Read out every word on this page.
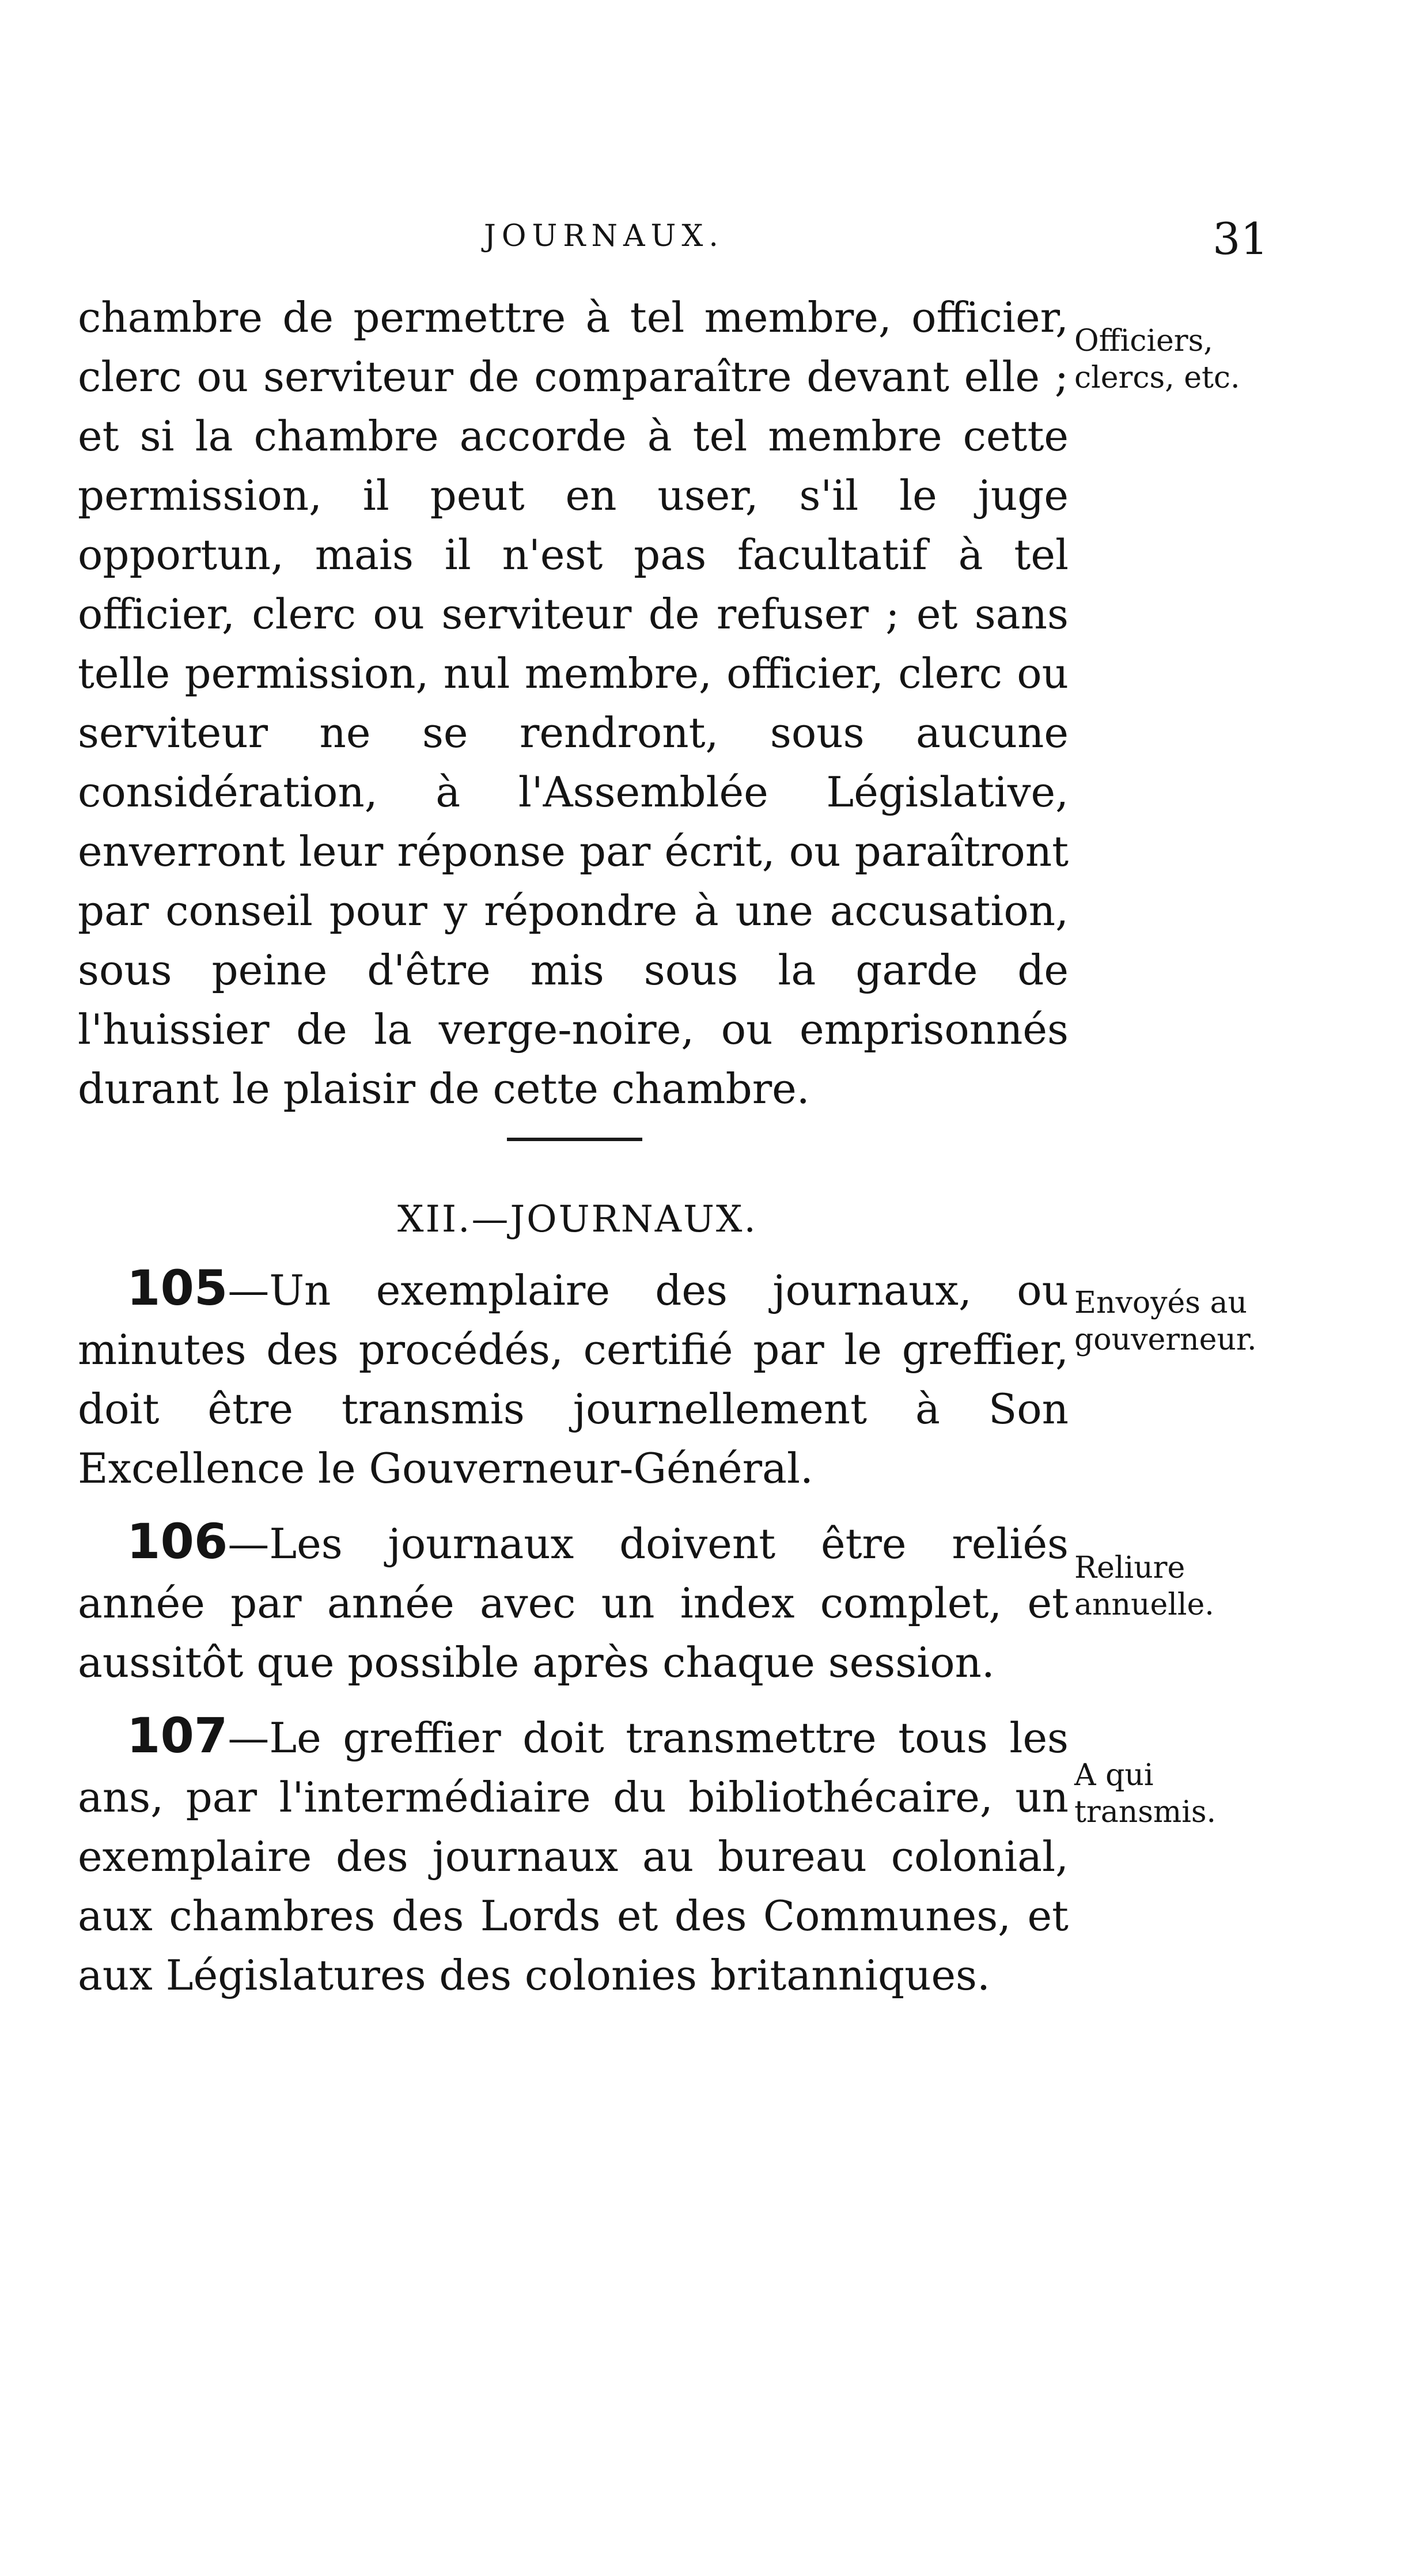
JOURNAUX.	31
chambre de permettre à tel membre, officier, clerc ou serviteur de comparaître devant elle ; et si la chambre accorde à tel membre cette permission, il peut en user, s'il le juge opportun, mais il n'est pas facultatif à tel officier, clerc ou serviteur de refuser ; et sans telle permission, nul membre, officier, clerc ou serviteur ne se rendront, sous aucune considération, à l'Assemblée Législative, enverront leur réponse par écrit, ou paraîtront par conseil pour y répondre à une accusation, sous peine d'être mis sous la garde de l'huissier de la verge-noire, ou emprisonnés durant le plaisir de cette chambre.
Officiers, clercs, etc.
XII.—JOURNAUX.

105—Un exemplaire des journaux, ou minutes des procédés, certifié par le greffier, doit être transmis journellement à Son Excellence le Gouverneur-Général.

106—Les journaux doivent être reliés année par année avec un index complet, et aussitôt que possible après chaque session.

107—Le greffier doit transmettre tous les ans, par l'intermédiaire du bibliothécaire, un exemplaire des journaux au bureau colonial, aux chambres des Lords et des Communes, et aux Législatures des colonies britanniques.

Envoyés au gouverneur.
Reliure annuelle.
A qui transmis.
